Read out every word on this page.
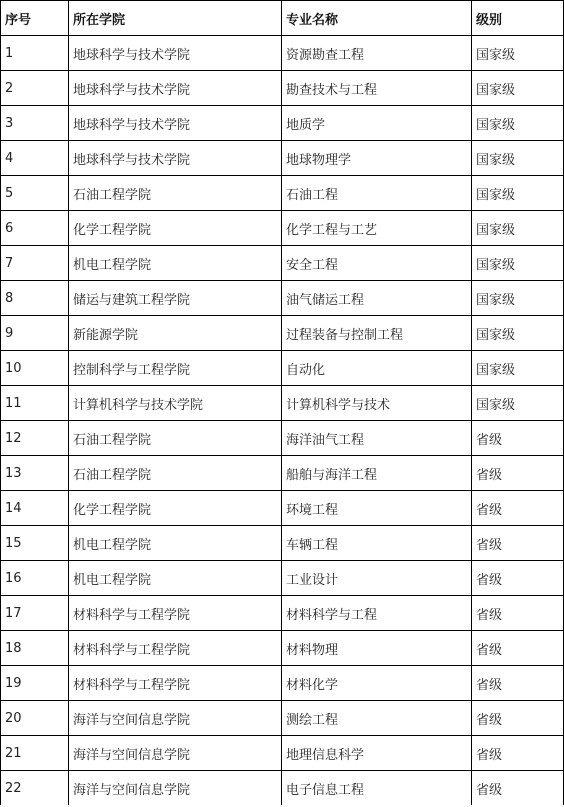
序号	所在学院	专业名称	级别
1	地球科学与技术学院	资源勘查工程	国家级
2	地球科学与技术学院	勘查技术与工程	国家级
3	地球科学与技术学院	地质学	国家级
4	地球科学与技术学院	地球物理学	国家级
5	石油工程学院	石油工程	国家级
6	化学工程学院	化学工程与工艺	国家级
7	机电工程学院	安全工程	国家级
8	储运与建筑工程学院	油气储运工程	国家级
9	新能源学院	过程装备与控制工程	国家级
10	控制科学与工程学院	自动化	国家级
11	计算机科学与技术学院	计算机科学与技术	国家级
12	石油工程学院	海洋油气工程	省级
13	石油工程学院	船舶与海洋工程	省级
14	化学工程学院	环境工程	省级
15	机电工程学院	车辆工程	省级
16	机电工程学院	工业设计	省级
17	材料科学与工程学院	材料科学与工程	省级
18	材料科学与工程学院	材料物理	省级
19	材料科学与工程学院	材料化学	省级
20	海洋与空间信息学院	测绘工程	省级
21	海洋与空间信息学院	地理信息科学	省级
22	海洋与空间信息学院	电子信息工程	省级
